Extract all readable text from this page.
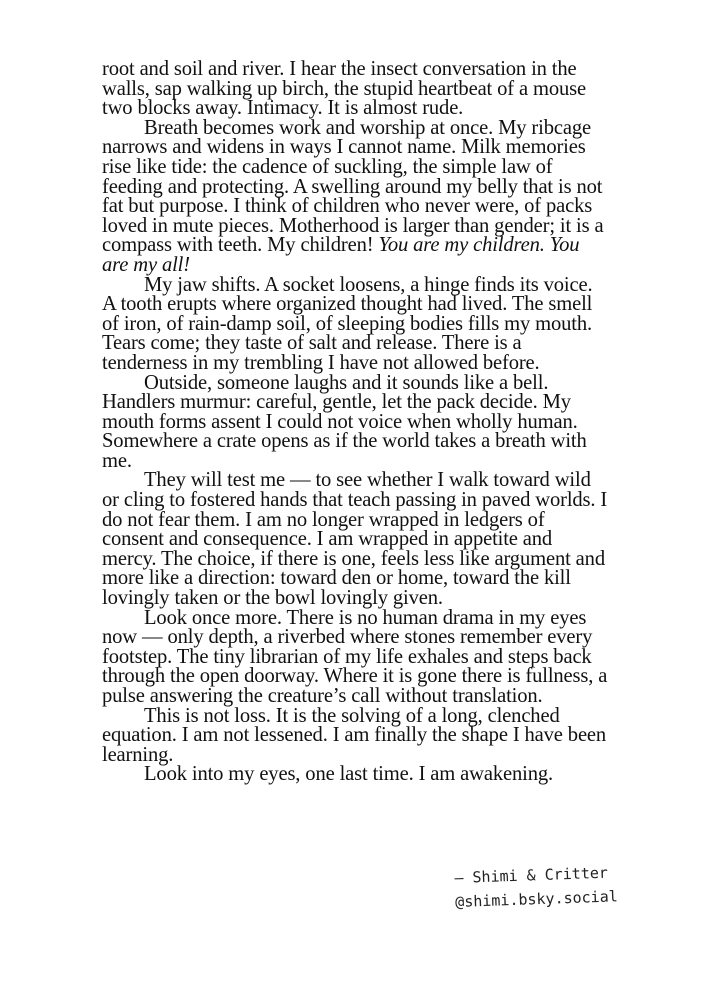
root and soil and river. I hear the insect conversation in the walls, sap walking up birch, the stupid heartbeat of a mouse two blocks away. Intimacy. It is almost rude.

Breath becomes work and worship at once. My ribcage narrows and widens in ways I cannot name. Milk memories rise like tide: the cadence of suckling, the simple law of feeding and protecting. A swelling around my belly that is not fat but purpose. I think of children who never were, of packs loved in mute pieces. Motherhood is larger than gender; it is a compass with teeth. My children! You are my children. You are my all!

My jaw shifts. A socket loosens, a hinge finds its voice. A tooth erupts where organized thought had lived. The smell of iron, of rain-damp soil, of sleeping bodies fills my mouth. Tears come; they taste of salt and release. There is a tenderness in my trembling I have not allowed before.

Outside, someone laughs and it sounds like a bell. Handlers murmur: careful, gentle, let the pack decide. My mouth forms assent I could not voice when wholly human. Somewhere a crate opens as if the world takes a breath with me.

They will test me — to see whether I walk toward wild or cling to fostered hands that teach passing in paved worlds. I do not fear them. I am no longer wrapped in ledgers of consent and consequence. I am wrapped in appetite and mercy. The choice, if there is one, feels less like argument and more like a direction: toward den or home, toward the kill lovingly taken or the bowl lovingly given.

Look once more. There is no human drama in my eyes now — only depth, a riverbed where stones remember every footstep. The tiny librarian of my life exhales and steps back through the open doorway. Where it is gone there is fullness, a pulse answering the creature’s call without translation.

This is not loss. It is the solving of a long, clenched equation. I am not lessened. I am finally the shape I have been learning.

Look into my eyes, one last time. I am awakening.

– Shimi & Critter
@shimi.bsky.social
